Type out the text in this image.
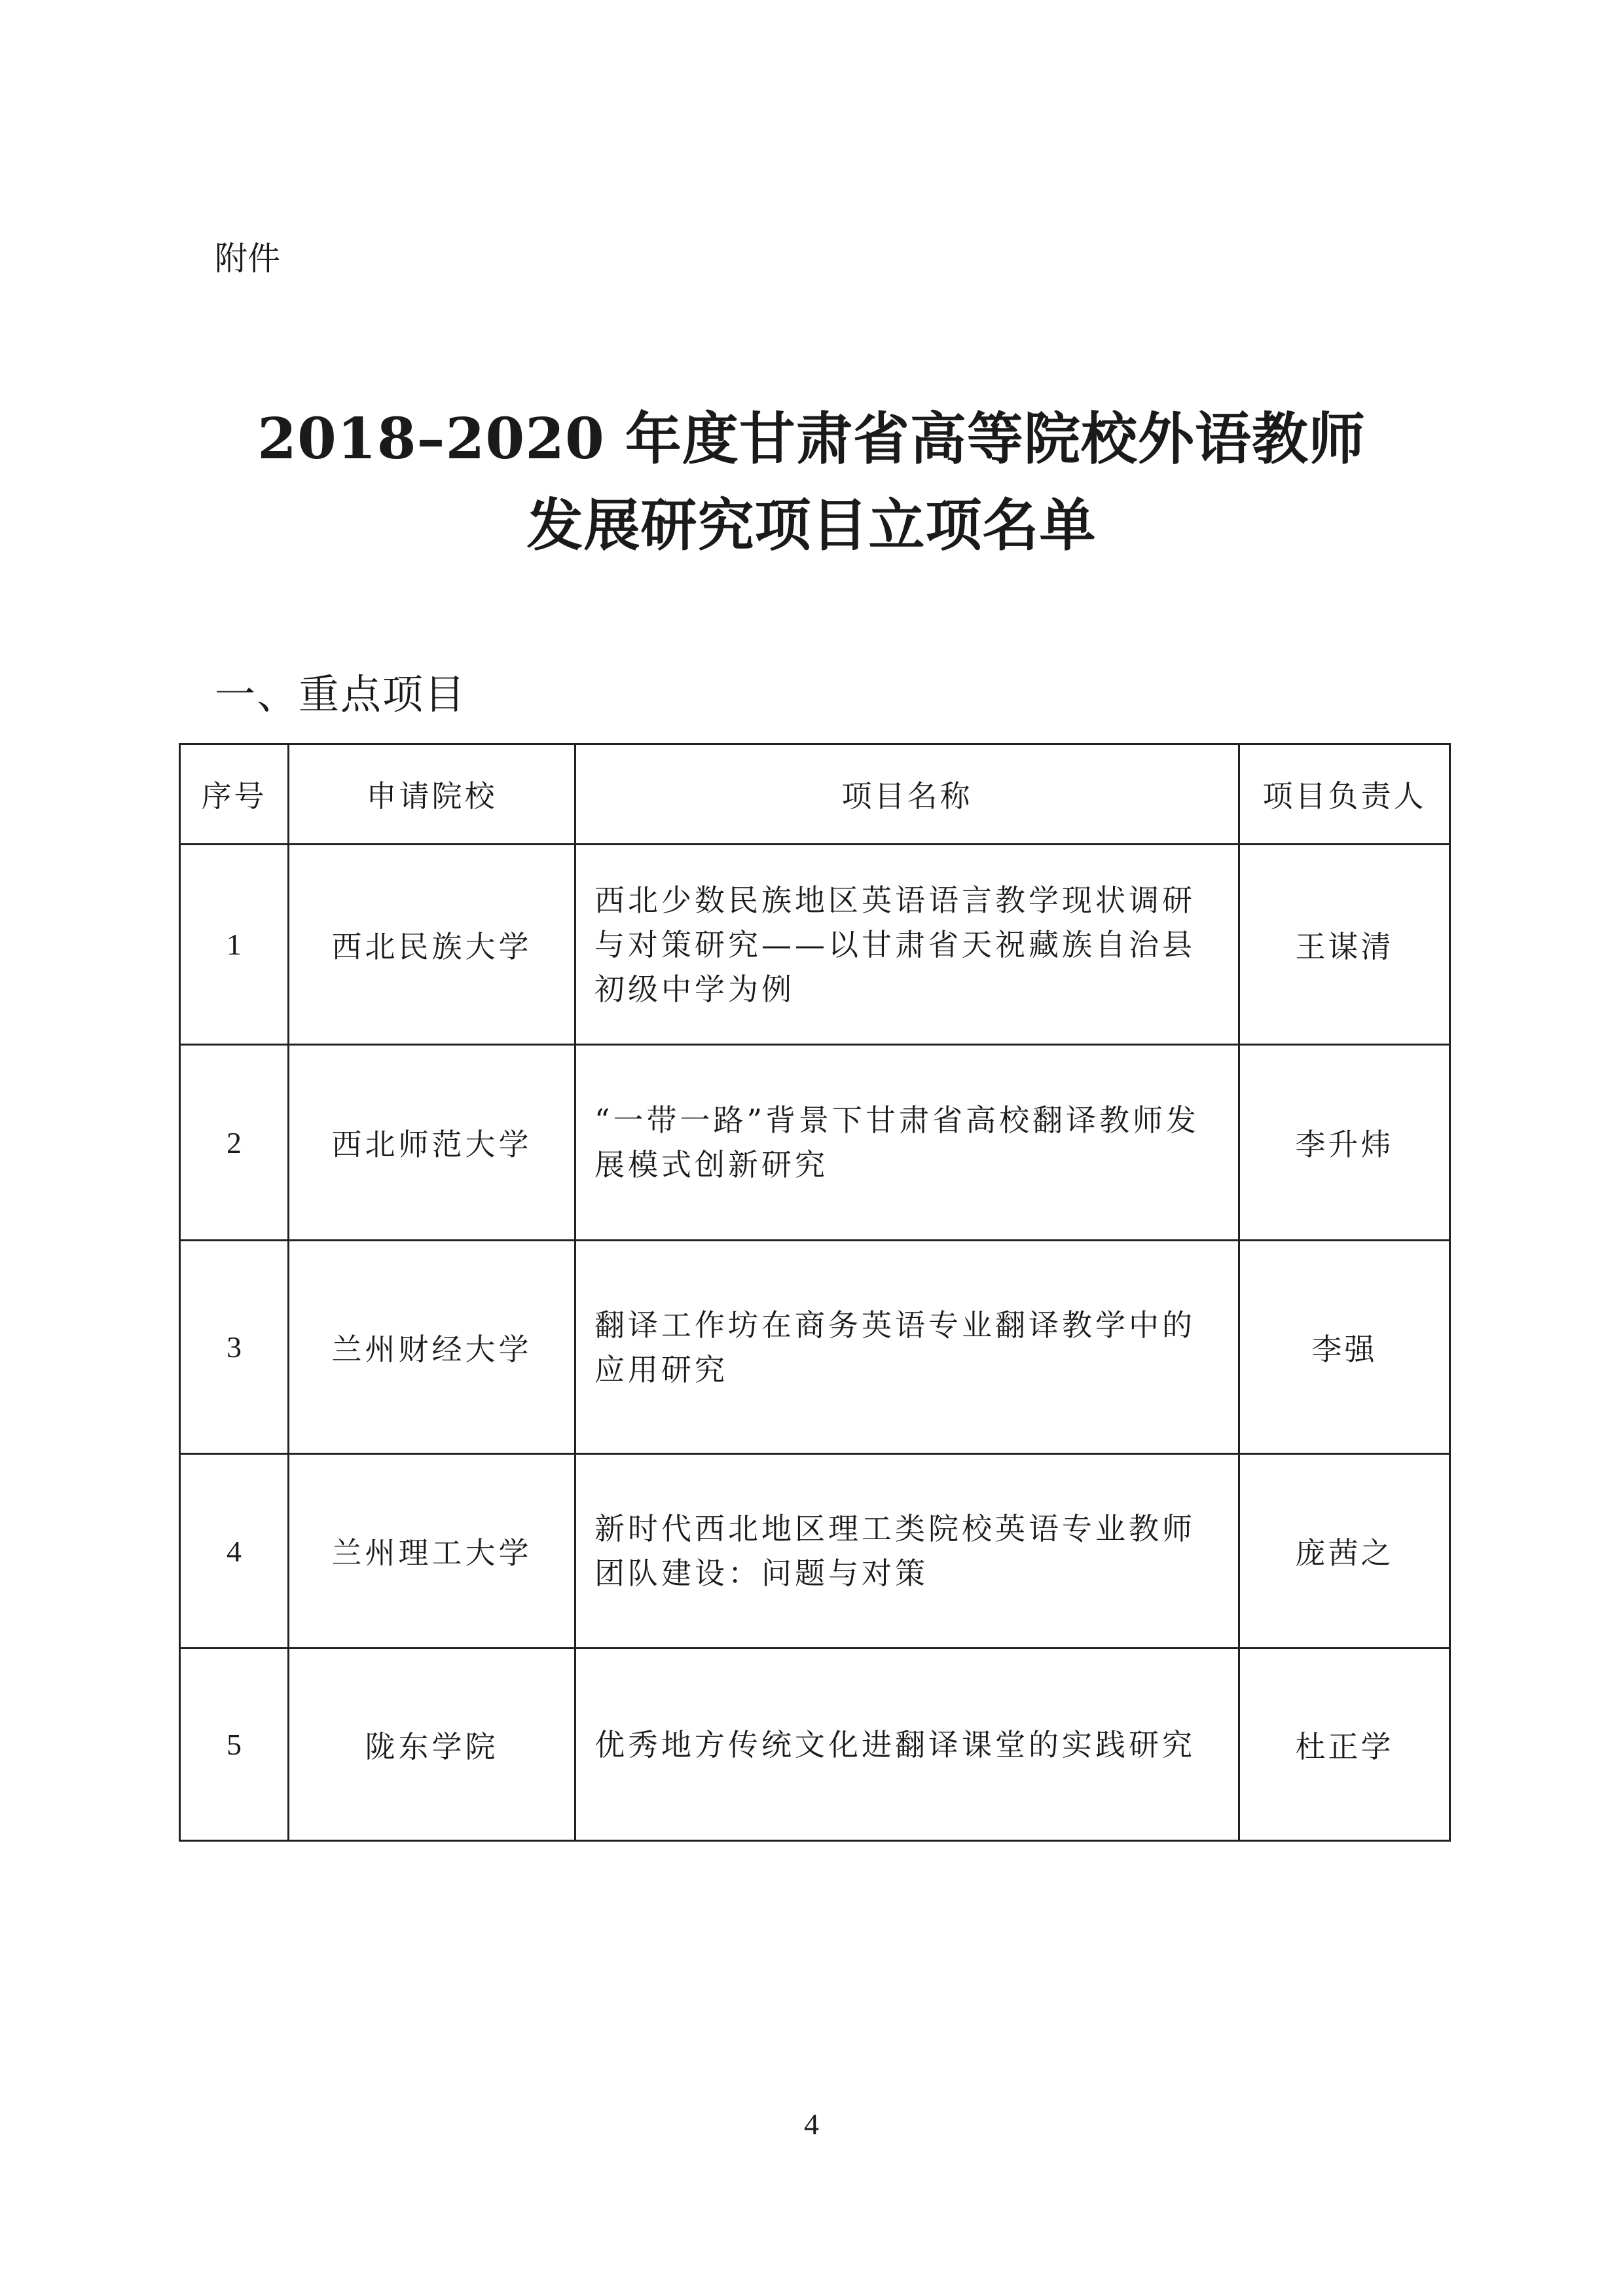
附件
2018–2020 年度甘肃省高等院校外语教师
发展研究项目立项名单
一、重点项目
序号	申请院校	项目名称	项目负责人
1	西北民族大学	西北少数民族地区英语语言教学现状调研与对策研究——以甘肃省天祝藏族自治县初级中学为例	王谋清
2	西北师范大学	“一带一路”背景下甘肃省高校翻译教师发展模式创新研究	李升炜
3	兰州财经大学	翻译工作坊在商务英语专业翻译教学中的应用研究	李强
4	兰州理工大学	新时代西北地区理工类院校英语专业教师团队建设：问题与对策	庞茜之
5	陇东学院	优秀地方传统文化进翻译课堂的实践研究	杜正学
4
